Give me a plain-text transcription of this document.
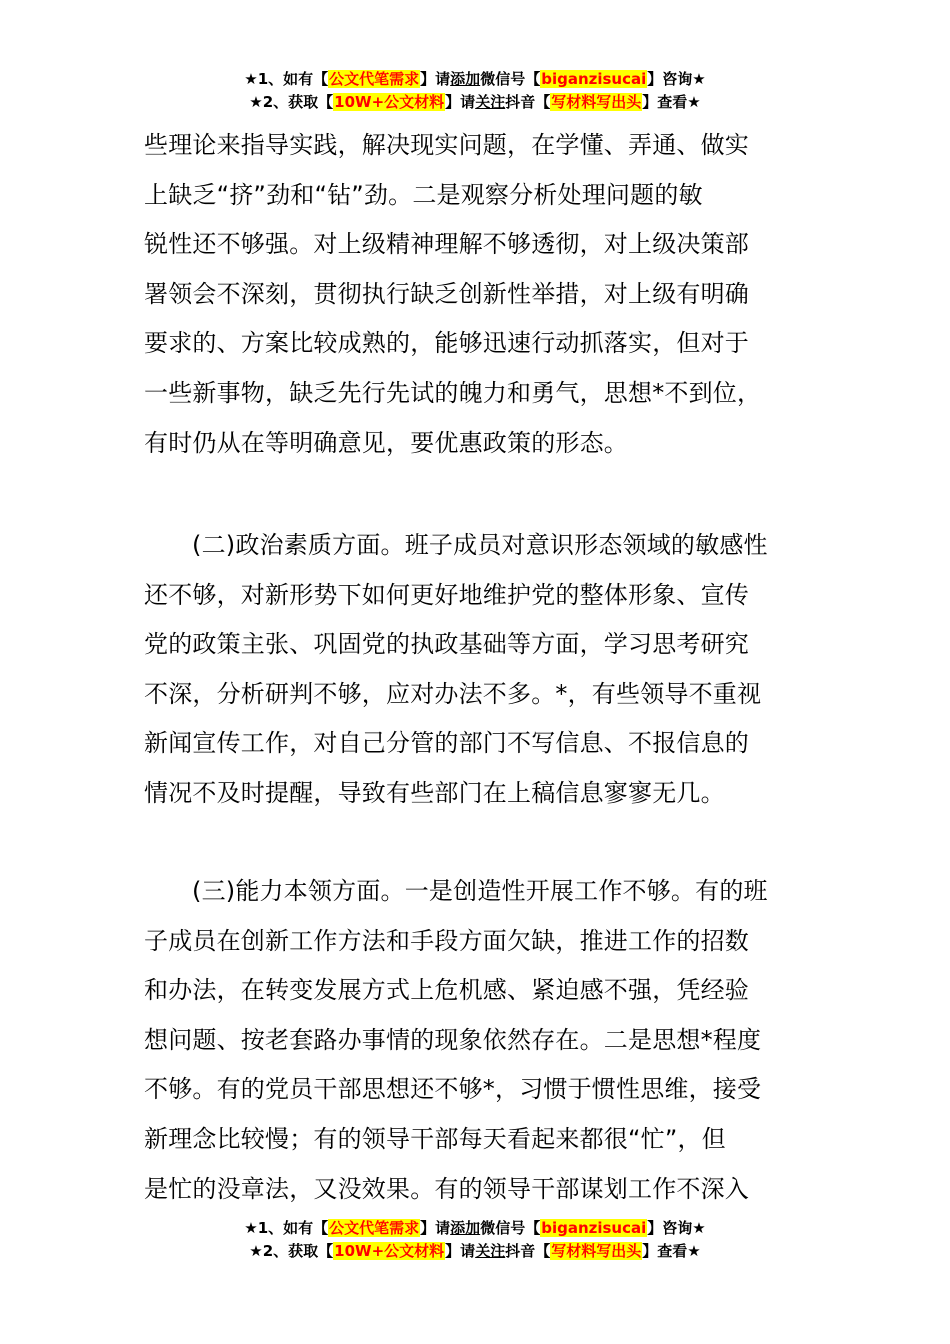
★1、如有【公文代笔需求】请添加微信号【biganzisucai】咨询★
★2、获取【10W+公文材料】请关注抖音【写材料写出头】查看★
些理论来指导实践，解决现实问题，在学懂、弄通、做实
上缺乏“挤”劲和“钻”劲。二是观察分析处理问题的敏
锐性还不够强。对上级精神理解不够透彻，对上级决策部
署领会不深刻，贯彻执行缺乏创新性举措，对上级有明确
要求的、方案比较成熟的，能够迅速行动抓落实，但对于
一些新事物，缺乏先行先试的魄力和勇气，思想*不到位，
有时仍从在等明确意见，要优惠政策的形态。
(二)政治素质方面。班子成员对意识形态领域的敏感性
还不够，对新形势下如何更好地维护党的整体形象、宣传
党的政策主张、巩固党的执政基础等方面，学习思考研究
不深，分析研判不够，应对办法不多。*，有些领导不重视
新闻宣传工作，对自己分管的部门不写信息、不报信息的
情况不及时提醒，导致有些部门在上稿信息寥寥无几。
(三)能力本领方面。一是创造性开展工作不够。有的班
子成员在创新工作方法和手段方面欠缺，推进工作的招数
和办法，在转变发展方式上危机感、紧迫感不强，凭经验
想问题、按老套路办事情的现象依然存在。二是思想*程度
不够。有的党员干部思想还不够*，习惯于惯性思维，接受
新理念比较慢；有的领导干部每天看起来都很“忙”，但
是忙的没章法，又没效果。有的领导干部谋划工作不深入
★1、如有【公文代笔需求】请添加微信号【biganzisucai】咨询★
★2、获取【10W+公文材料】请关注抖音【写材料写出头】查看★
